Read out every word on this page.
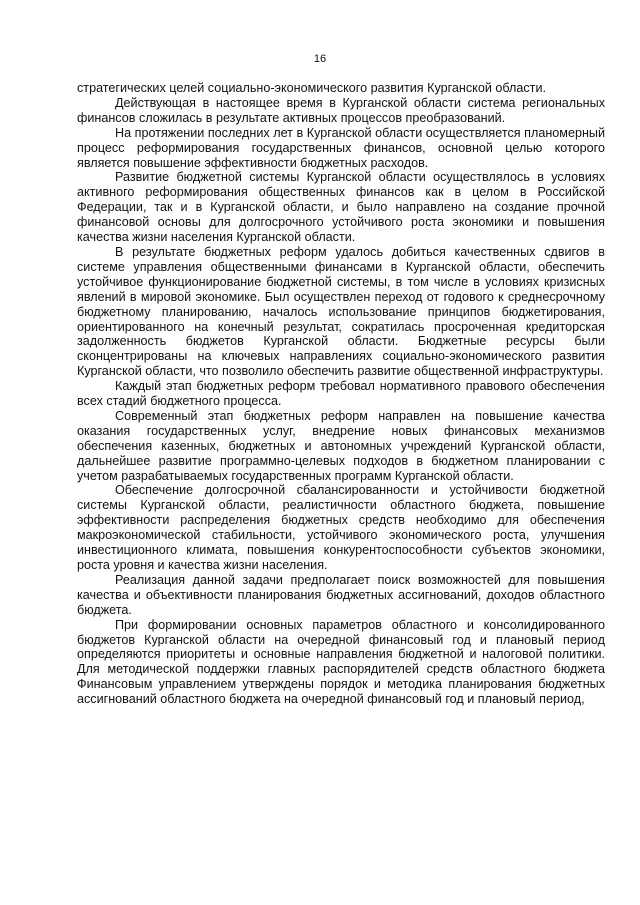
16

стратегических целей социально-экономического развития Курганской области.

Действующая в настоящее время в Курганской области система региональных финансов сложилась в результате активных процессов преобразований.

На протяжении последних лет в Курганской области осуществляется планомерный процесс реформирования государственных финансов, основной целью которого является повышение эффективности бюджетных расходов.

Развитие бюджетной системы Курганской области осуществлялось в условиях активного реформирования общественных финансов как в целом в Российской Федерации, так и в Курганской области, и было направлено на создание прочной финансовой основы для долгосрочного устойчивого роста экономики и повышения качества жизни населения Курганской области.

В результате бюджетных реформ удалось добиться качественных сдвигов в системе управления общественными финансами в Курганской области, обеспечить устойчивое функционирование бюджетной системы, в том числе в условиях кризисных явлений в мировой экономике. Был осуществлен переход от годового к среднесрочному бюджетному планированию, началось использование принципов бюджетирования, ориентированного на конечный результат, сократилась просроченная кредиторская задолженность бюджетов Курганской области. Бюджетные ресурсы были сконцентрированы на ключевых направлениях социально-экономического развития Курганской области, что позволило обеспечить развитие общественной инфраструктуры.

Каждый этап бюджетных реформ требовал нормативного правового обеспечения всех стадий бюджетного процесса.

Современный этап бюджетных реформ направлен на повышение качества оказания государственных услуг, внедрение новых финансовых механизмов обеспечения казенных, бюджетных и автономных учреждений Курганской области, дальнейшее развитие программно-целевых подходов в бюджетном планировании с учетом разрабатываемых государственных программ Курганской области.

Обеспечение долгосрочной сбалансированности и устойчивости бюджетной системы Курганской области, реалистичности областного бюджета, повышение эффективности распределения бюджетных средств необходимо для обеспечения макроэкономической стабильности, устойчивого экономического роста, улучшения инвестиционного климата, повышения конкурентоспособности субъектов экономики, роста уровня и качества жизни населения.

Реализация данной задачи предполагает поиск возможностей для повышения качества и объективности планирования бюджетных ассигнований, доходов областного бюджета.

При формировании основных параметров областного и консолидированного бюджетов Курганской области на очередной финансовый год и плановый период определяются приоритеты и основные направления бюджетной и налоговой политики. Для методической поддержки главных распорядителей средств областного бюджета Финансовым управлением утверждены порядок и методика планирования бюджетных ассигнований областного бюджета на очередной финансовый год и плановый период,
